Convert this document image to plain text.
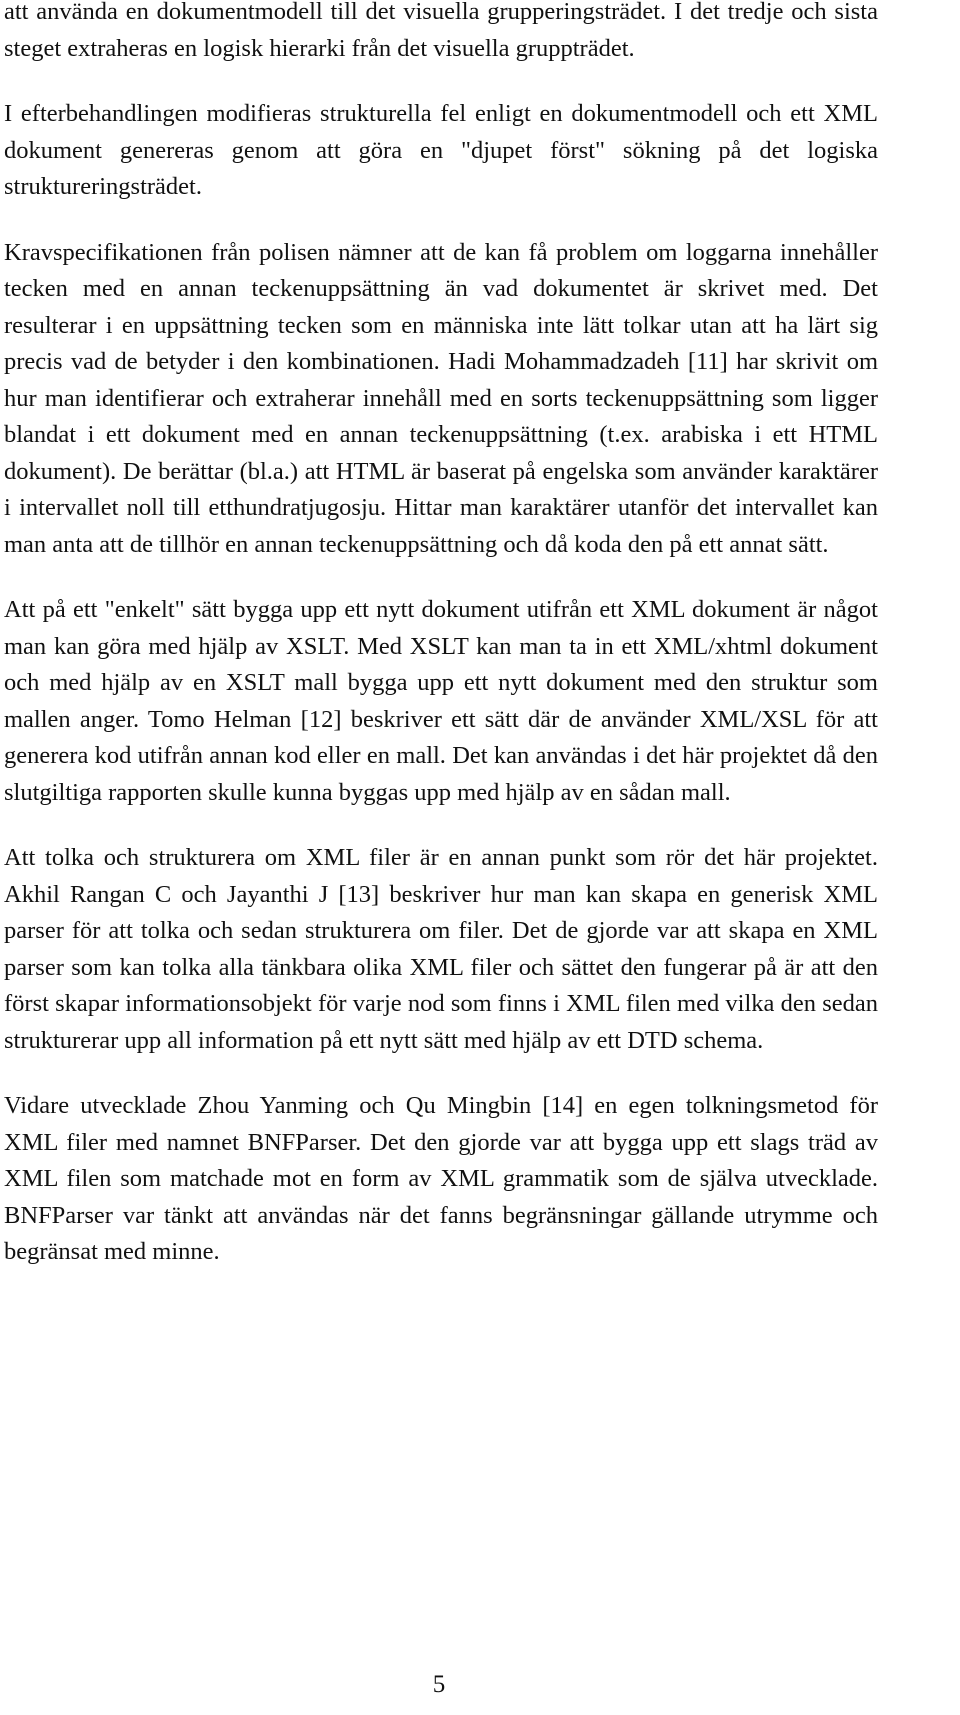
att använda en dokumentmodell till det visuella grupperingsträdet. I det tredje och sista steget extraheras en logisk hierarki från det visuella gruppträdet.

I efterbehandlingen modifieras strukturella fel enligt en dokumentmodell och ett XML dokument genereras genom att göra en "djupet först" sökning på det logiska struktureringsträdet.

Kravspecifikationen från polisen nämner att de kan få problem om loggarna innehåller tecken med en annan teckenuppsättning än vad dokumentet är skrivet med. Det resulterar i en uppsättning tecken som en människa inte lätt tolkar utan att ha lärt sig precis vad de betyder i den kombinationen. Hadi Mohammadzadeh [11] har skrivit om hur man identifierar och extraherar innehåll med en sorts teckenuppsättning som ligger blandat i ett dokument med en annan teckenuppsättning (t.ex. arabiska i ett HTML dokument). De berättar (bl.a.) att HTML är baserat på engelska som använder karaktärer i intervallet noll till etthundratjugosju. Hittar man karaktärer utanför det intervallet kan man anta att de tillhör en annan teckenuppsättning och då koda den på ett annat sätt.

Att på ett "enkelt" sätt bygga upp ett nytt dokument utifrån ett XML dokument är något man kan göra med hjälp av XSLT. Med XSLT kan man ta in ett XML/xhtml dokument och med hjälp av en XSLT mall bygga upp ett nytt dokument med den struktur som mallen anger. Tomo Helman [12] beskriver ett sätt där de använder XML/XSL för att generera kod utifrån annan kod eller en mall. Det kan användas i det här projektet då den slutgiltiga rapporten skulle kunna byggas upp med hjälp av en sådan mall.

Att tolka och strukturera om XML filer är en annan punkt som rör det här projektet. Akhil Rangan C och Jayanthi J [13] beskriver hur man kan skapa en generisk XML parser för att tolka och sedan strukturera om filer. Det de gjorde var att skapa en XML parser som kan tolka alla tänkbara olika XML filer och sättet den fungerar på är att den först skapar informationsobjekt för varje nod som finns i XML filen med vilka den sedan strukturerar upp all information på ett nytt sätt med hjälp av ett DTD schema.

Vidare utvecklade Zhou Yanming och Qu Mingbin [14] en egen tolkningsmetod för XML filer med namnet BNFParser. Det den gjorde var att bygga upp ett slags träd av XML filen som matchade mot en form av XML grammatik som de själva utvecklade. BNFParser var tänkt att användas när det fanns begränsningar gällande utrymme och begränsat med minne.

5
